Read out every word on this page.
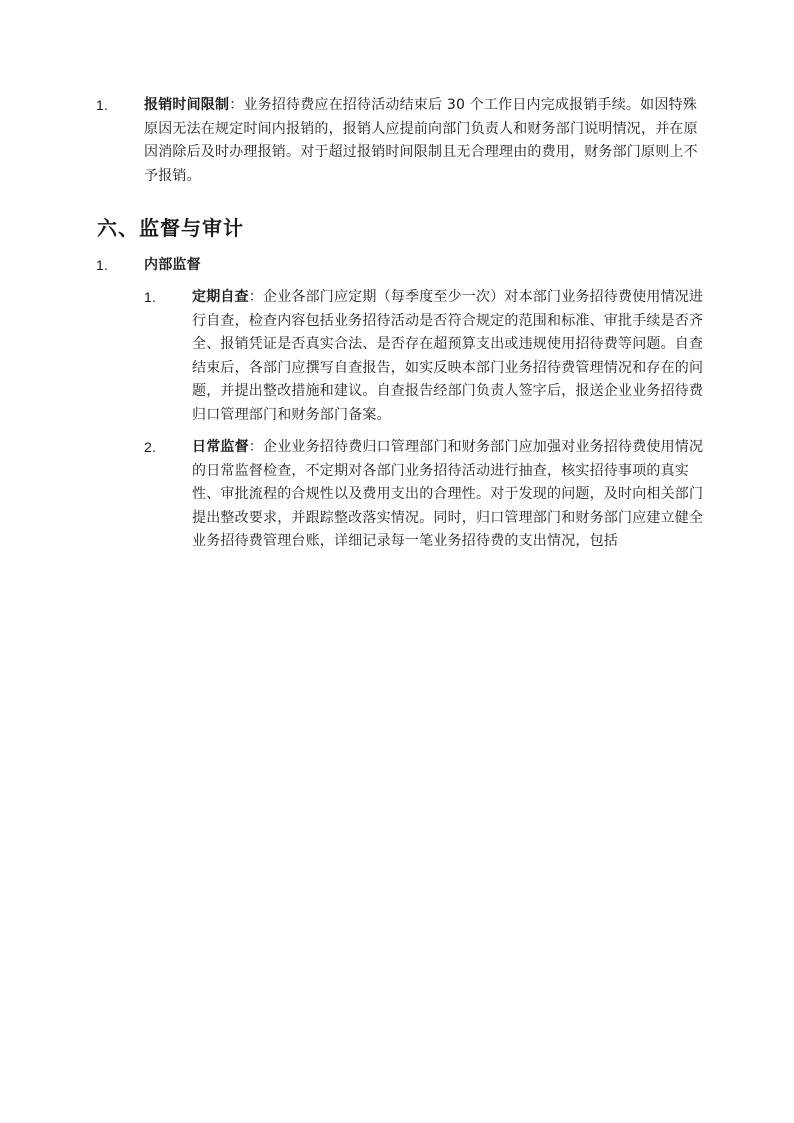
1.	报销时间限制：业务招待费应在招待活动结束后 30 个工作日内完成报销手续。如因特殊原因无法在规定时间内报销的，报销人应提前向部门负责人和财务部门说明情况，并在原因消除后及时办理报销。对于超过报销时间限制且无合理理由的费用，财务部门原则上不予报销。
六、监督与审计
1.	内部监督
1.	定期自查：企业各部门应定期（每季度至少一次）对本部门业务招待费使用情况进行自查，检查内容包括业务招待活动是否符合规定的范围和标准、审批手续是否齐全、报销凭证是否真实合法、是否存在超预算支出或违规使用招待费等问题。自查结束后，各部门应撰写自查报告，如实反映本部门业务招待费管理情况和存在的问题，并提出整改措施和建议。自查报告经部门负责人签字后，报送企业业务招待费归口管理部门和财务部门备案。
2.	日常监督：企业业务招待费归口管理部门和财务部门应加强对业务招待费使用情况的日常监督检查，不定期对各部门业务招待活动进行抽查，核实招待事项的真实性、审批流程的合规性以及费用支出的合理性。对于发现的问题，及时向相关部门提出整改要求，并跟踪整改落实情况。同时，归口管理部门和财务部门应建立健全业务招待费管理台账，详细记录每一笔业务招待费的支出情况，包括
